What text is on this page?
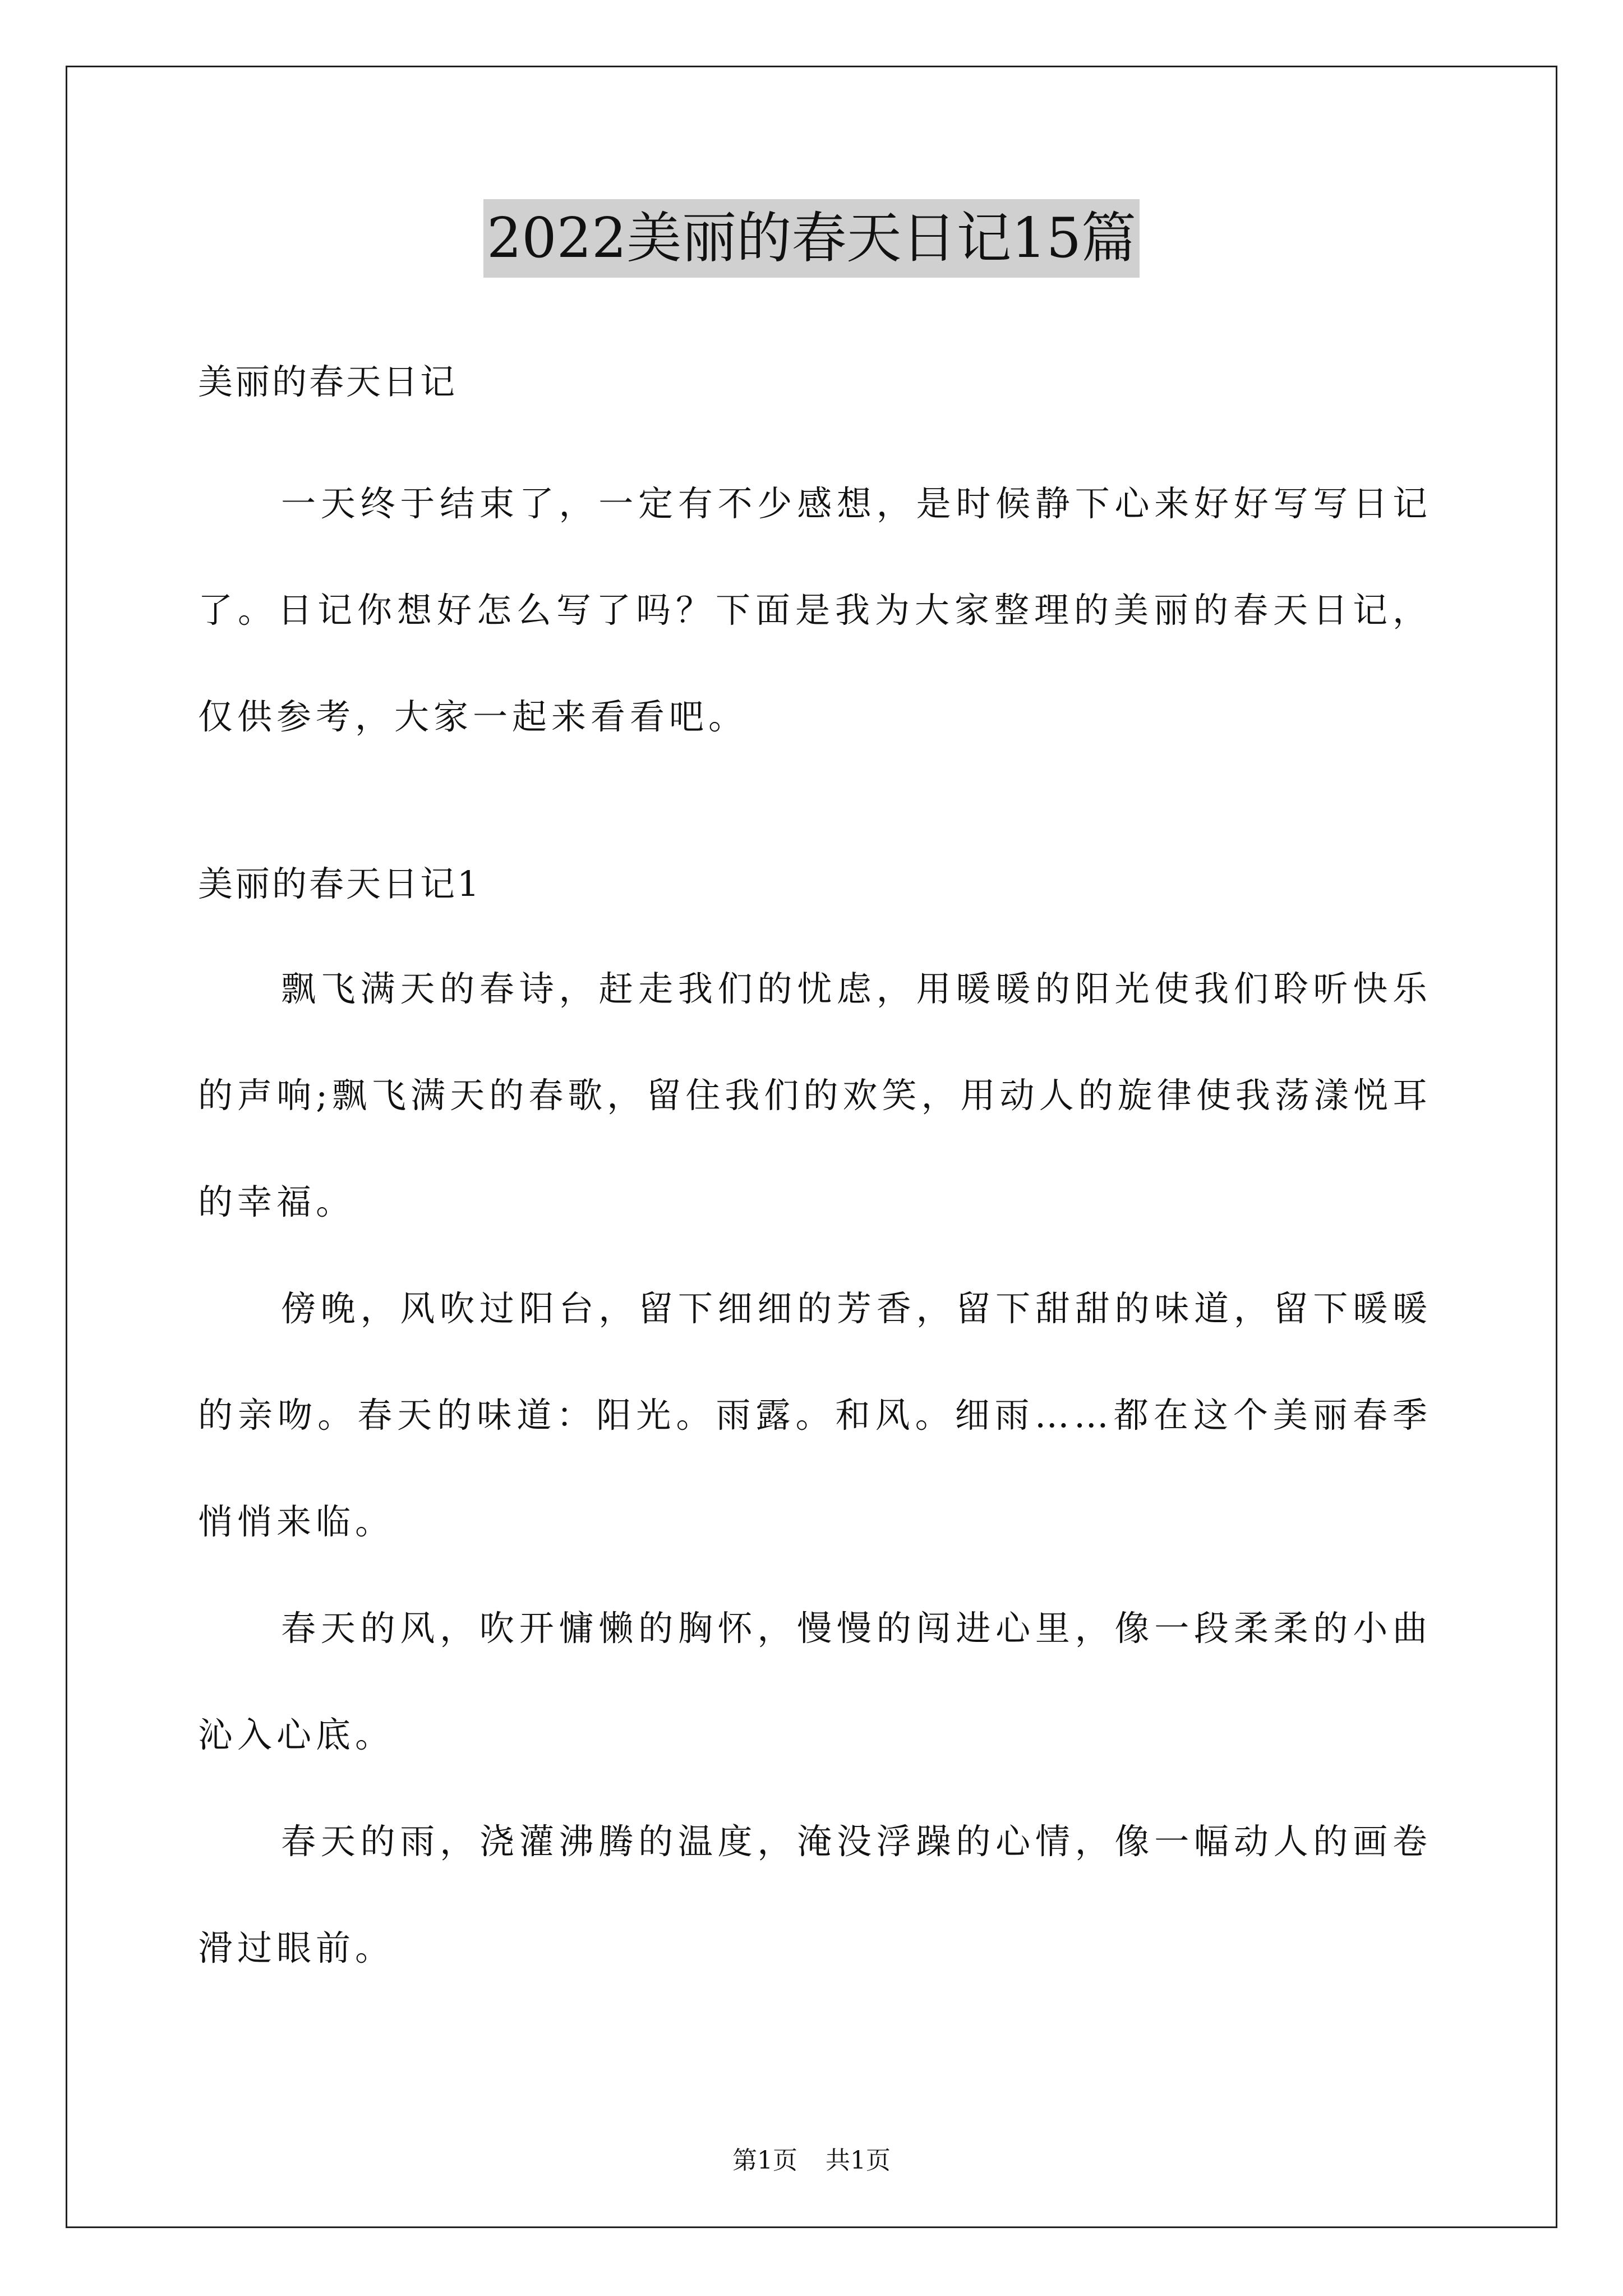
2022美丽的春天日记15篇

美丽的春天日记

一天终于结束了，一定有不少感想，是时候静下心来好好写写日记了。日记你想好怎么写了吗？下面是我为大家整理的美丽的春天日记，仅供参考，大家一起来看看吧。

美丽的春天日记1

飘飞满天的春诗，赶走我们的忧虑，用暖暖的阳光使我们聆听快乐的声响;飘飞满天的春歌，留住我们的欢笑，用动人的旋律使我荡漾悦耳的幸福。

傍晚，风吹过阳台，留下细细的芳香，留下甜甜的味道，留下暖暖的亲吻。春天的味道：阳光。雨露。和风。细雨……都在这个美丽春季悄悄来临。

春天的风，吹开慵懒的胸怀，慢慢的闯进心里，像一段柔柔的小曲沁入心底。

春天的雨，浇灌沸腾的温度，淹没浮躁的心情，像一幅动人的画卷滑过眼前。

第1页 共1页
